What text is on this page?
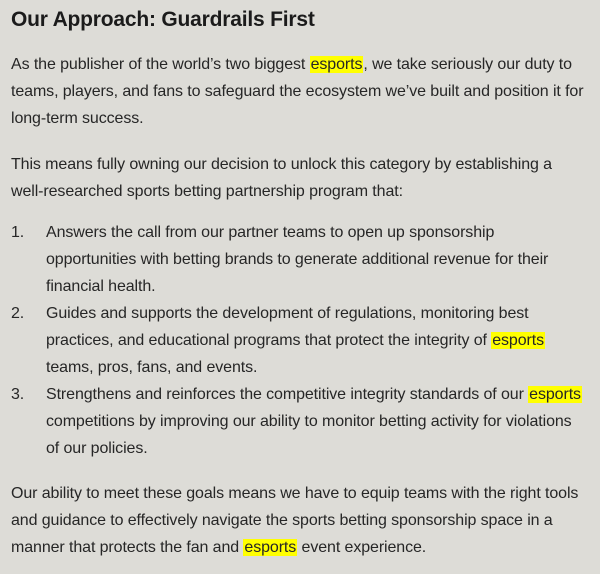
Our Approach: Guardrails First

As the publisher of the world’s two biggest esports, we take seriously our duty to teams, players, and fans to safeguard the ecosystem we’ve built and position it for long-term success.

This means fully owning our decision to unlock this category by establishing a well-researched sports betting partnership program that:

1.	Answers the call from our partner teams to open up sponsorship opportunities with betting brands to generate additional revenue for their financial health.
2.	Guides and supports the development of regulations, monitoring best practices, and educational programs that protect the integrity of esports teams, pros, fans, and events.
3.	Strengthens and reinforces the competitive integrity standards of our esports competitions by improving our ability to monitor betting activity for violations of our policies.

Our ability to meet these goals means we have to equip teams with the right tools and guidance to effectively navigate the sports betting sponsorship space in a manner that protects the fan and esports event experience.
